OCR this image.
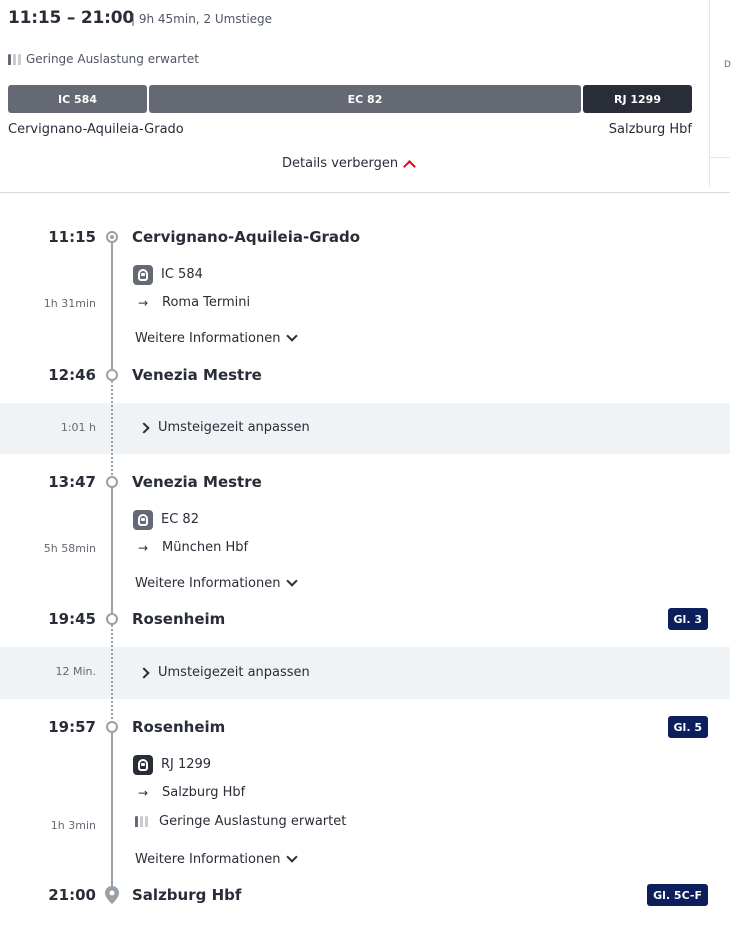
11:15 – 21:00
| 9h 45min, 2 Umstiege
Geringe Auslastung erwartet
IC 584	EC 82	RJ 1299
Cervignano-Aquileia-Grado	Salzburg Hbf
Details verbergen
D
11:15 Cervignano-Aquileia-Grado
IC 584
→ Roma Termini
1h 31min
Weitere Informationen
12:46 Venezia Mestre
1:01 h	Umsteigezeit anpassen
13:47 Venezia Mestre
EC 82
→ München Hbf
5h 58min
Weitere Informationen
19:45 Rosenheim	Gl. 3
12 Min.	Umsteigezeit anpassen
19:57 Rosenheim	Gl. 5
RJ 1299
→ Salzburg Hbf
Geringe Auslastung erwartet
1h 3min
Weitere Informationen
21:00 Salzburg Hbf	Gl. 5C-F
